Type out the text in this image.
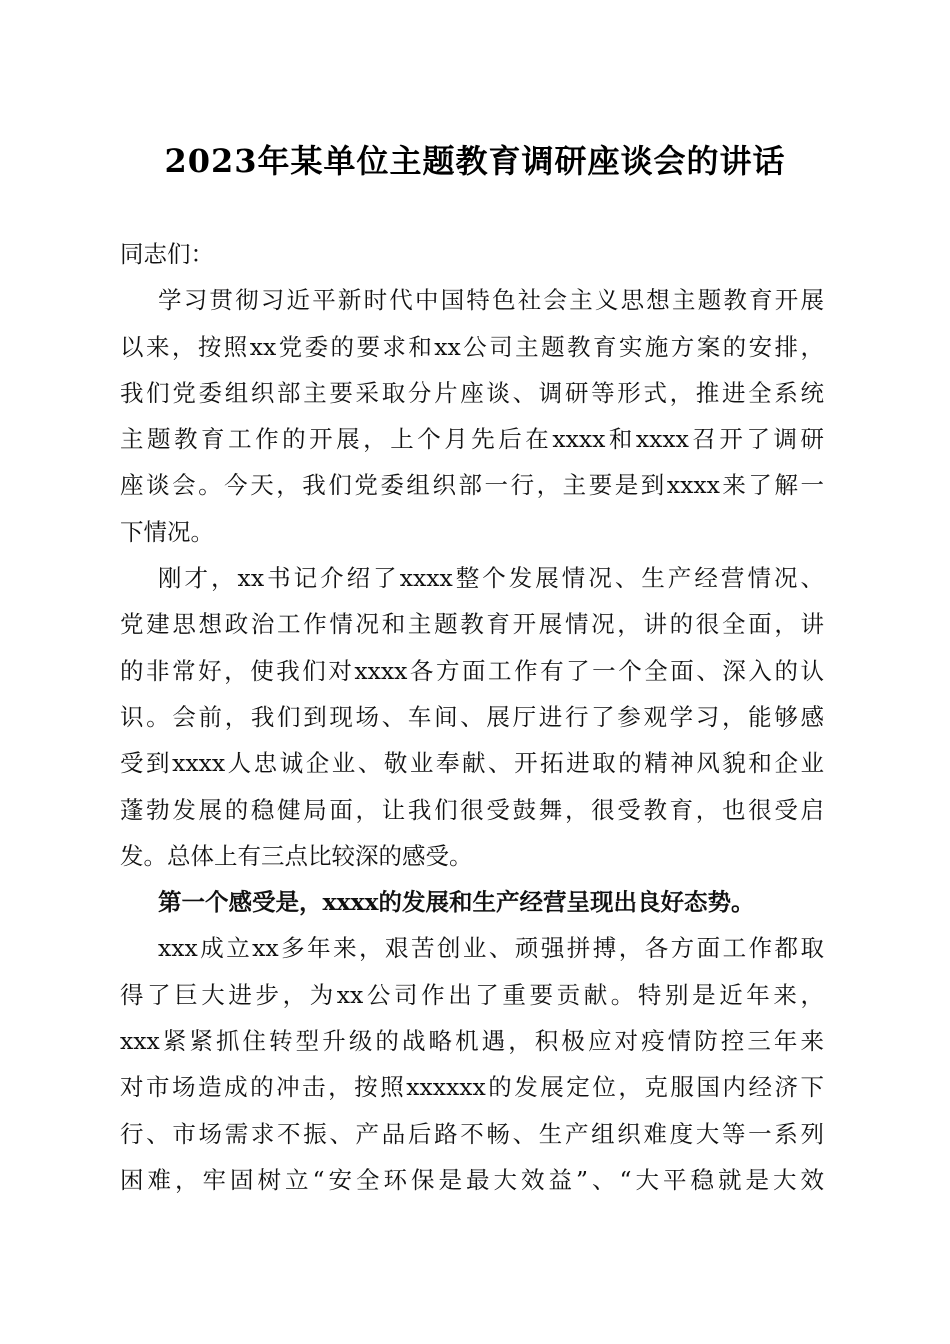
2023年某单位主题教育调研座谈会的讲话
同志们：
学习贯彻习近平新时代中国特色社会主义思想主题教育开展
以来，按照xx党委的要求和xx公司主题教育实施方案的安排，
我们党委组织部主要采取分片座谈、调研等形式，推进全系统
主题教育工作的开展，上个月先后在xxxx和xxxx召开了调研
座谈会。今天，我们党委组织部一行，主要是到xxxx来了解一
下情况。
刚才，xx书记介绍了xxxx整个发展情况、生产经营情况、
党建思想政治工作情况和主题教育开展情况，讲的很全面，讲
的非常好，使我们对xxxx各方面工作有了一个全面、深入的认
识。会前，我们到现场、车间、展厅进行了参观学习，能够感
受到xxxx人忠诚企业、敬业奉献、开拓进取的精神风貌和企业
蓬勃发展的稳健局面，让我们很受鼓舞，很受教育，也很受启
发。总体上有三点比较深的感受。
第一个感受是，xxxx的发展和生产经营呈现出良好态势。
xxx成立xx多年来，艰苦创业、顽强拼搏，各方面工作都取
得了巨大进步，为xx公司作出了重要贡献。特别是近年来，
xxx紧紧抓住转型升级的战略机遇，积极应对疫情防控三年来
对市场造成的冲击，按照xxxxxx的发展定位，克服国内经济下
行、市场需求不振、产品后路不畅、生产组织难度大等一系列
困难，牢固树立“安全环保是最大效益”、“大平稳就是大效
